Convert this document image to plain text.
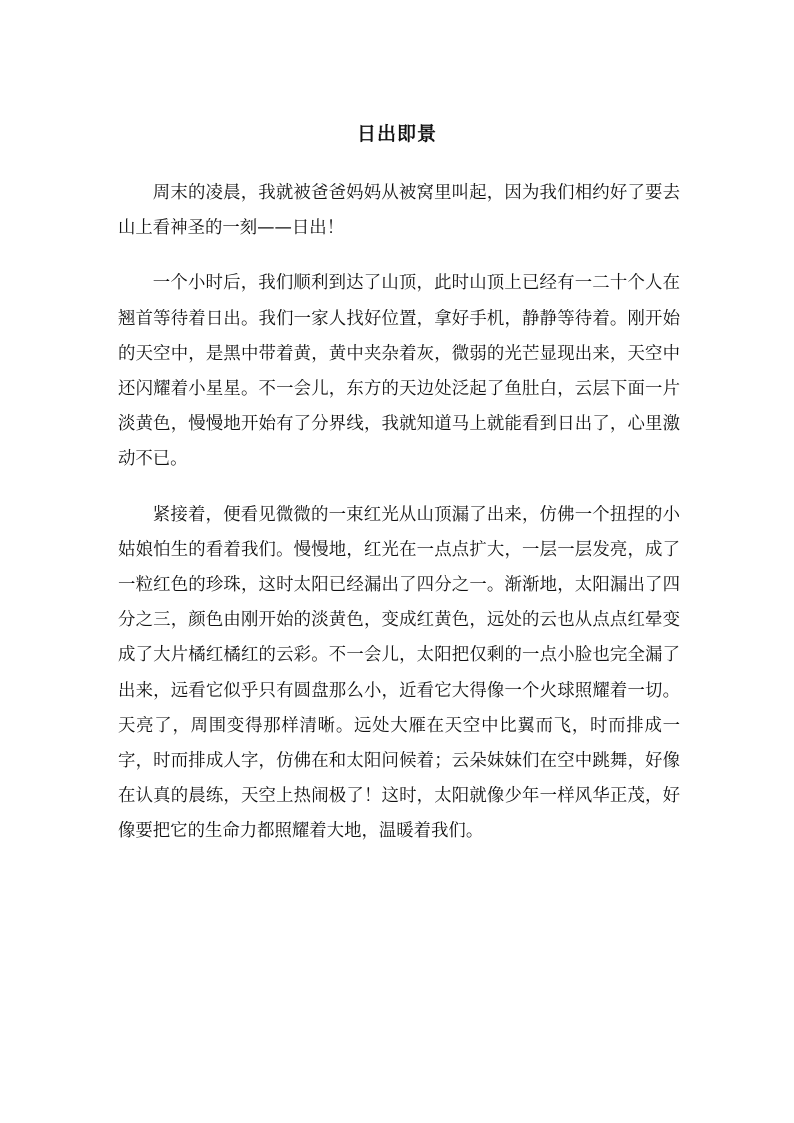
日出即景

周末的凌晨，我就被爸爸妈妈从被窝里叫起，因为我们相约好了要去山上看神圣的一刻——日出！

一个小时后，我们顺利到达了山顶，此时山顶上已经有一二十个人在翘首等待着日出。我们一家人找好位置，拿好手机，静静等待着。刚开始的天空中，是黑中带着黄，黄中夹杂着灰，微弱的光芒显现出来，天空中还闪耀着小星星。不一会儿，东方的天边处泛起了鱼肚白，云层下面一片淡黄色，慢慢地开始有了分界线，我就知道马上就能看到日出了，心里激动不已。

紧接着，便看见微微的一束红光从山顶漏了出来，仿佛一个扭捏的小姑娘怕生的看着我们。慢慢地，红光在一点点扩大，一层一层发亮，成了一粒红色的珍珠，这时太阳已经漏出了四分之一。渐渐地，太阳漏出了四分之三，颜色由刚开始的淡黄色，变成红黄色，远处的云也从点点红晕变成了大片橘红橘红的云彩。不一会儿，太阳把仅剩的一点小脸也完全漏了出来，远看它似乎只有圆盘那么小，近看它大得像一个火球照耀着一切。天亮了，周围变得那样清晰。远处大雁在天空中比翼而飞，时而排成一字，时而排成人字，仿佛在和太阳问候着；云朵妹妹们在空中跳舞，好像在认真的晨练，天空上热闹极了！这时，太阳就像少年一样风华正茂，好像要把它的生命力都照耀着大地，温暖着我们。
